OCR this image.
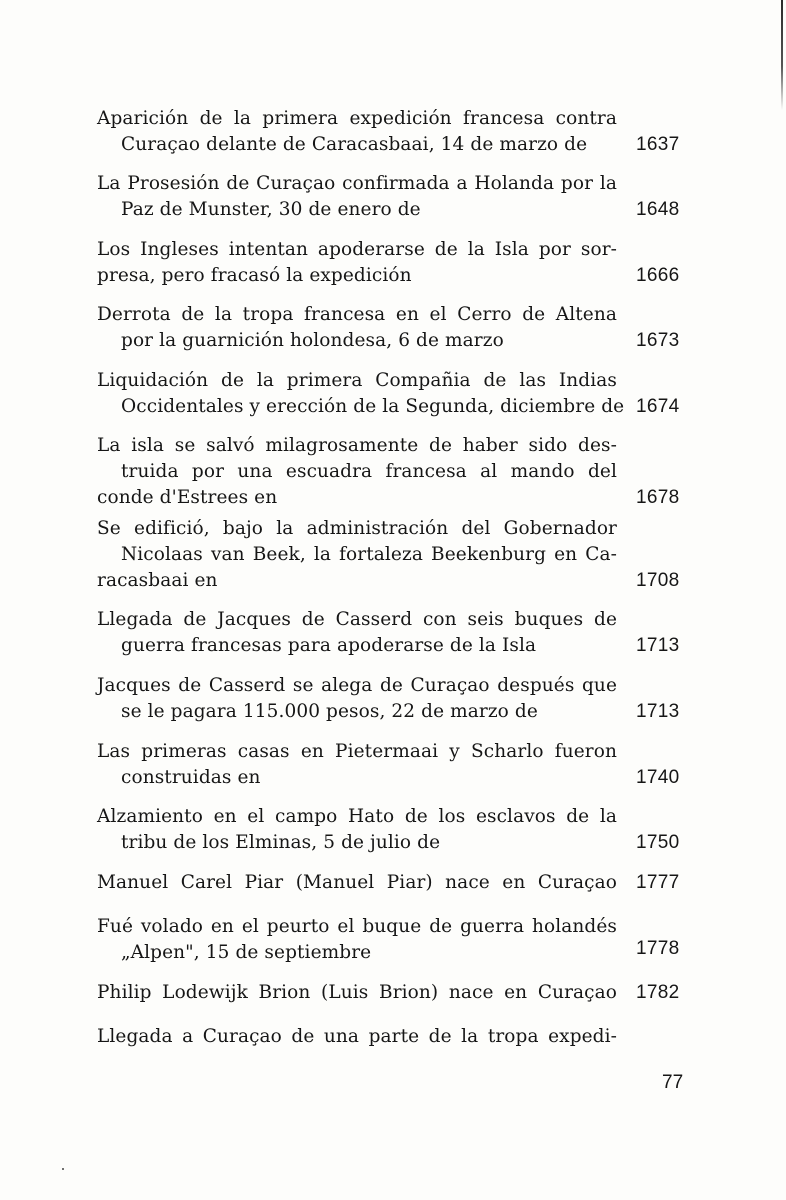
Aparición de la primera expedición francesa contra
Curaçao delante de Caracasbaai, 14 de marzo de	1637
La Prosesión de Curaçao confirmada a Holanda por la
Paz de Munster, 30 de enero de	1648
Los Ingleses intentan apoderarse de la Isla por sor-
presa, pero fracasó la expedición	1666
Derrota de la tropa francesa en el Cerro de Altena
por la guarnición holondesa, 6 de marzo	1673
Liquidación de la primera Compañia de las Indias
Occidentales y erección de la Segunda, diciembre de 1674
La isla se salvó milagrosamente de haber sido des-
truida por una escuadra francesa al mando del
conde d'Estrees en	1678
Se edifició, bajo la administración del Gobernador
Nicolaas van Beek, la fortaleza Beekenburg en Ca-
racasbaai en	1708
Llegada de Jacques de Casserd con seis buques de
guerra francesas para apoderarse de la Isla	1713
Jacques de Casserd se alega de Curaçao después que
se le pagara 115.000 pesos, 22 de marzo de	1713
Las primeras casas en Pietermaai y Scharlo fueron
construidas en	1740
Alzamiento en el campo Hato de los esclavos de la
tribu de los Elminas, 5 de julio de	1750
Manuel Carel Piar (Manuel Piar) nace en Curaçao 1777
Fué volado en el peurto el buque de guerra holandés
„Alpen", 15 de septiembre	1778
Philip Lodewijk Brion (Luis Brion) nace en Curaçao 1782
Llegada a Curaçao de una parte de la tropa expedi-
77
